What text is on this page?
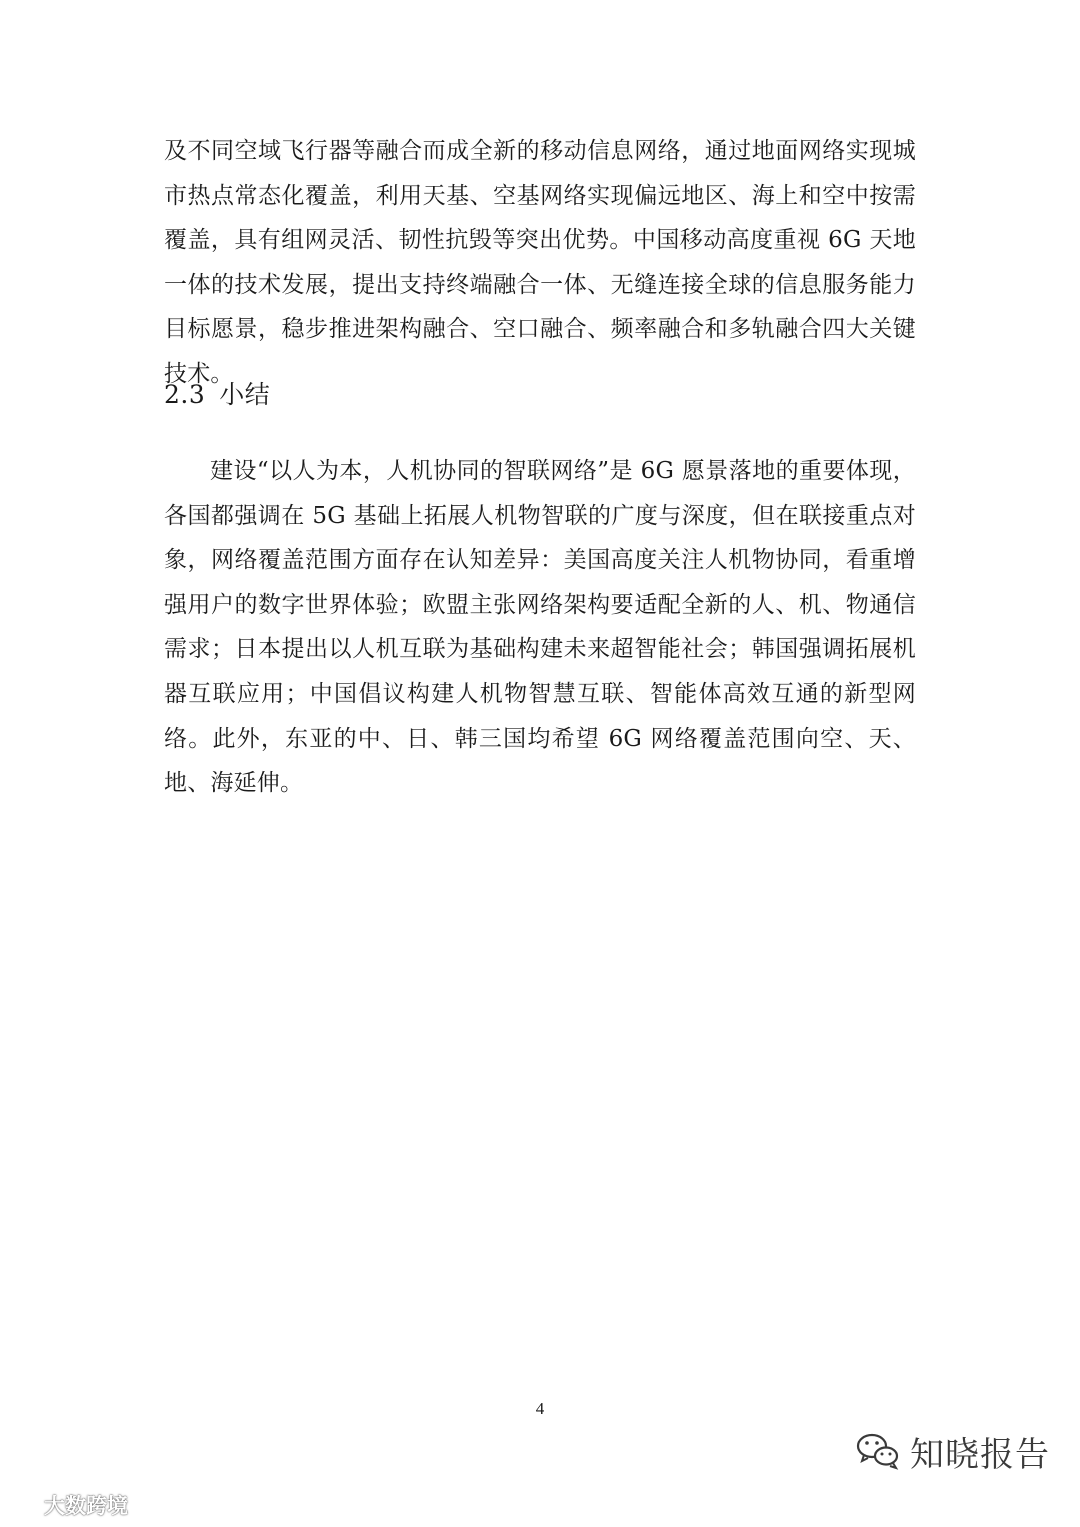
及不同空域飞行器等融合而成全新的移动信息网络，通过地面网络实现城市热点常态化覆盖，利用天基、空基网络实现偏远地区、海上和空中按需覆盖，具有组网灵活、韧性抗毁等突出优势。中国移动高度重视 6G 天地一体的技术发展，提出支持终端融合一体、无缝连接全球的信息服务能力目标愿景，稳步推进架构融合、空口融合、频率融合和多轨融合四大关键技术。

2.3 小结

建设“以人为本，人机协同的智联网络”是 6G 愿景落地的重要体现，各国都强调在 5G 基础上拓展人机物智联的广度与深度，但在联接重点对象，网络覆盖范围方面存在认知差异：美国高度关注人机物协同，看重增强用户的数字世界体验；欧盟主张网络架构要适配全新的人、机、物通信需求；日本提出以人机互联为基础构建未来超智能社会；韩国强调拓展机器互联应用；中国倡议构建人机物智慧互联、智能体高效互通的新型网络。此外，东亚的中、日、韩三国均希望 6G 网络覆盖范围向空、天、地、海延伸。

4
大数跨境
知晓报告
